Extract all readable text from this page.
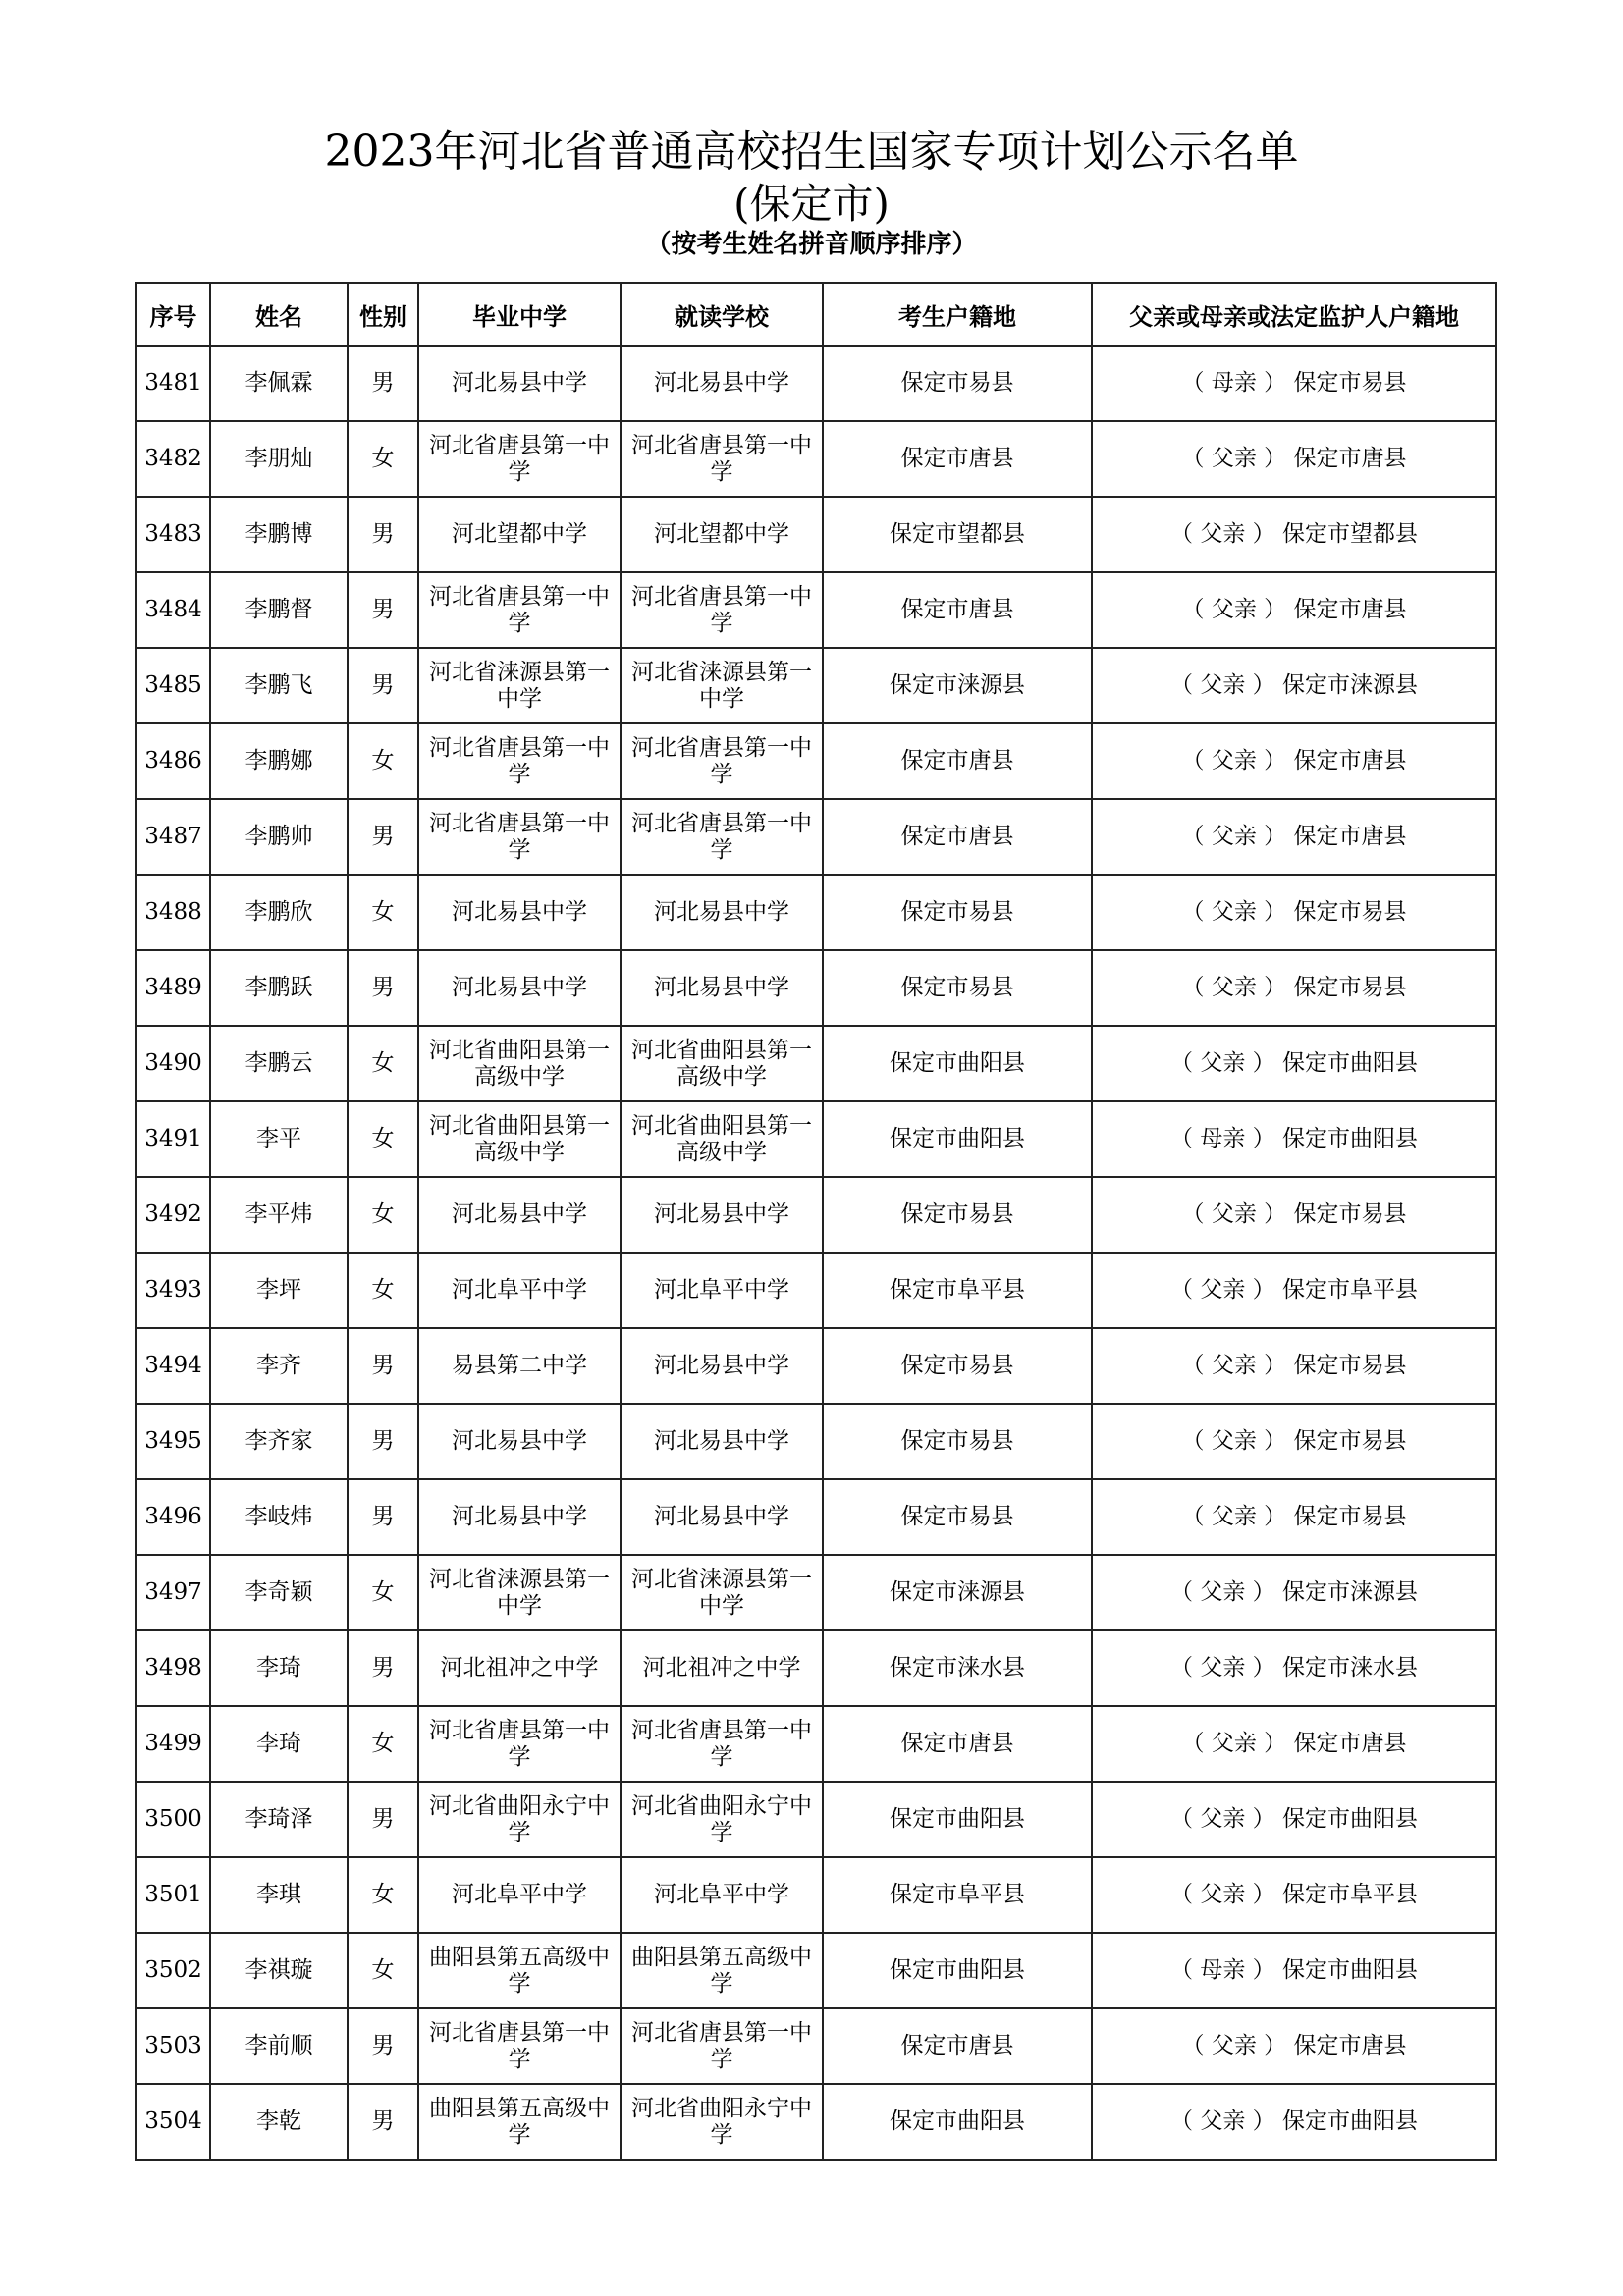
2023年河北省普通高校招生国家专项计划公示名单
(保定市)
（按考生姓名拼音顺序排序）
序号	姓名	性别	毕业中学	就读学校	考生户籍地	父亲或母亲或法定监护人户籍地
3481	李佩霖	男	河北易县中学	河北易县中学	保定市易县	（ 母亲 ） 保定市易县
3482	李朋灿	女	河北省唐县第一中学	河北省唐县第一中学	保定市唐县	（ 父亲 ） 保定市唐县
3483	李鹏博	男	河北望都中学	河北望都中学	保定市望都县	（ 父亲 ） 保定市望都县
3484	李鹏督	男	河北省唐县第一中学	河北省唐县第一中学	保定市唐县	（ 父亲 ） 保定市唐县
3485	李鹏飞	男	河北省涞源县第一中学	河北省涞源县第一中学	保定市涞源县	（ 父亲 ） 保定市涞源县
3486	李鹏娜	女	河北省唐县第一中学	河北省唐县第一中学	保定市唐县	（ 父亲 ） 保定市唐县
3487	李鹏帅	男	河北省唐县第一中学	河北省唐县第一中学	保定市唐县	（ 父亲 ） 保定市唐县
3488	李鹏欣	女	河北易县中学	河北易县中学	保定市易县	（ 父亲 ） 保定市易县
3489	李鹏跃	男	河北易县中学	河北易县中学	保定市易县	（ 父亲 ） 保定市易县
3490	李鹏云	女	河北省曲阳县第一高级中学	河北省曲阳县第一高级中学	保定市曲阳县	（ 父亲 ） 保定市曲阳县
3491	李平	女	河北省曲阳县第一高级中学	河北省曲阳县第一高级中学	保定市曲阳县	（ 母亲 ） 保定市曲阳县
3492	李平炜	女	河北易县中学	河北易县中学	保定市易县	（ 父亲 ） 保定市易县
3493	李坪	女	河北阜平中学	河北阜平中学	保定市阜平县	（ 父亲 ） 保定市阜平县
3494	李齐	男	易县第二中学	河北易县中学	保定市易县	（ 父亲 ） 保定市易县
3495	李齐家	男	河北易县中学	河北易县中学	保定市易县	（ 父亲 ） 保定市易县
3496	李岐炜	男	河北易县中学	河北易县中学	保定市易县	（ 父亲 ） 保定市易县
3497	李奇颖	女	河北省涞源县第一中学	河北省涞源县第一中学	保定市涞源县	（ 父亲 ） 保定市涞源县
3498	李琦	男	河北祖冲之中学	河北祖冲之中学	保定市涞水县	（ 父亲 ） 保定市涞水县
3499	李琦	女	河北省唐县第一中学	河北省唐县第一中学	保定市唐县	（ 父亲 ） 保定市唐县
3500	李琦泽	男	河北省曲阳永宁中学	河北省曲阳永宁中学	保定市曲阳县	（ 父亲 ） 保定市曲阳县
3501	李琪	女	河北阜平中学	河北阜平中学	保定市阜平县	（ 父亲 ） 保定市阜平县
3502	李祺璇	女	曲阳县第五高级中学	曲阳县第五高级中学	保定市曲阳县	（ 母亲 ） 保定市曲阳县
3503	李前顺	男	河北省唐县第一中学	河北省唐县第一中学	保定市唐县	（ 父亲 ） 保定市唐县
3504	李乾	男	曲阳县第五高级中学	河北省曲阳永宁中学	保定市曲阳县	（ 父亲 ） 保定市曲阳县
